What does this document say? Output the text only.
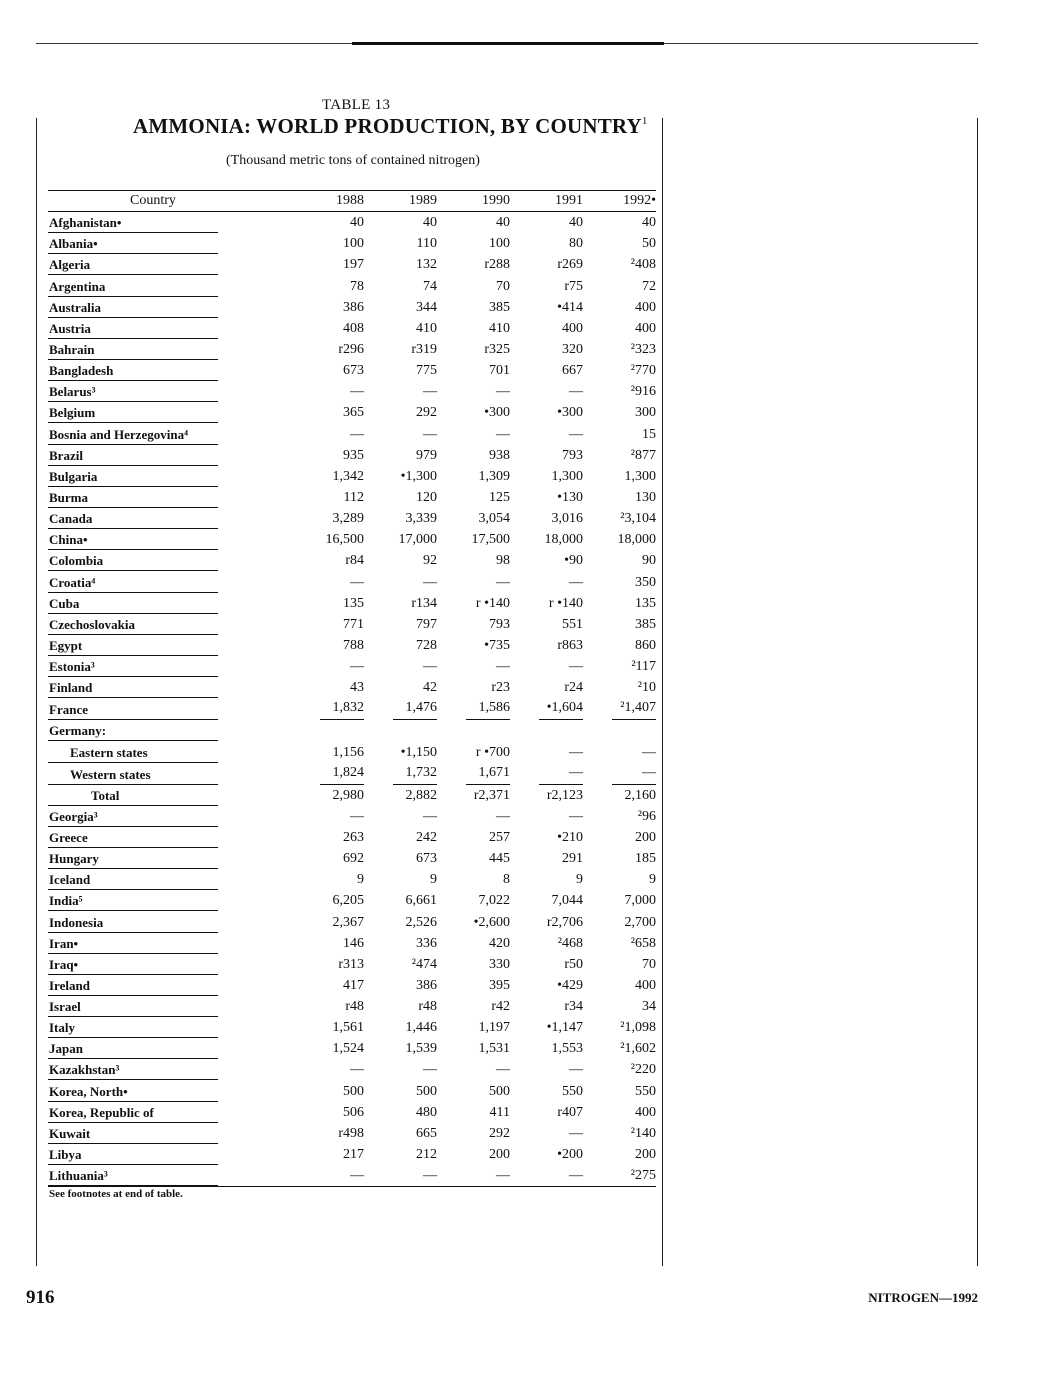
TABLE 13
AMMONIA: WORLD PRODUCTION, BY COUNTRY$^1$
(Thousand metric tons of contained nitrogen)
Country	1988	1989	1990	1991	1992•
Afghanistan•	40	40	40	40	40
Albania•	100	110	100	80	50
Algeria	197	132	r288	r269	²408
Argentina	78	74	70	r75	72
Australia	386	344	385	•414	400
Austria	408	410	410	400	400
Bahrain	r296	r319	r325	320	²323
Bangladesh	673	775	701	667	²770
Belarus³	—	—	—	—	²916
Belgium	365	292	•300	•300	300
Bosnia and Herzegovina⁴	—	—	—	—	15
Brazil	935	979	938	793	²877
Bulgaria	1,342	•1,300	1,309	1,300	1,300
Burma	112	120	125	•130	130
Canada	3,289	3,339	3,054	3,016	²3,104
China•	16,500	17,000	17,500	18,000	18,000
Colombia	r84	92	98	•90	90
Croatia⁴	—	—	—	—	350
Cuba	135	r134	r •140	r •140	135
Czechoslovakia	771	797	793	551	385
Egypt	788	728	•735	r863	860
Estonia³	—	—	—	—	²117
Finland	43	42	r23	r24	²10
France	1,832	1,476	1,586	•1,604	²1,407
Germany:					
Eastern states	1,156	•1,150	r •700	—	—
Western states	1,824	1,732	1,671	—	—
Total	2,980	2,882	r2,371	r2,123	2,160
Georgia³	—	—	—	—	²96
Greece	263	242	257	•210	200
Hungary	692	673	445	291	185
Iceland	9	9	8	9	9
India⁵	6,205	6,661	7,022	7,044	7,000
Indonesia	2,367	2,526	•2,600	r2,706	2,700
Iran•	146	336	420	²468	²658
Iraq•	r313	²474	330	r50	70
Ireland	417	386	395	•429	400
Israel	r48	r48	r42	r34	34
Italy	1,561	1,446	1,197	•1,147	²1,098
Japan	1,524	1,539	1,531	1,553	²1,602
Kazakhstan³	—	—	—	—	²220
Korea, North•	500	500	500	550	550
Korea, Republic of	506	480	411	r407	400
Kuwait	r498	665	292	—	²140
Libya	217	212	200	•200	200
Lithuania³	—	—	—	—	²275
See footnotes at end of table.
916	NITROGEN—1992
